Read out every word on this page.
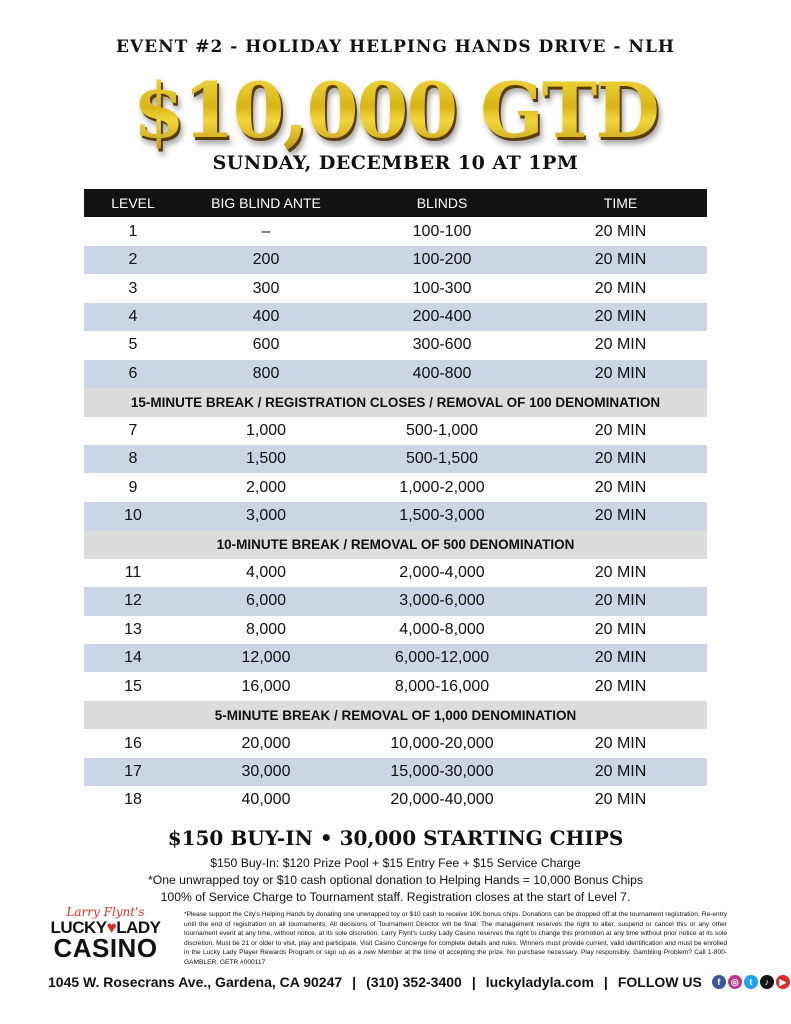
EVENT #2 - HOLIDAY HELPING HANDS DRIVE - NLH
$10,000 GTD
SUNDAY, DECEMBER 10 AT 1PM
LEVEL	BIG BLIND ANTE	BLINDS	TIME
1	–	100-100	20 MIN
2	200	100-200	20 MIN
3	300	100-300	20 MIN
4	400	200-400	20 MIN
5	600	300-600	20 MIN
6	800	400-800	20 MIN
15-MINUTE BREAK / REGISTRATION CLOSES / REMOVAL OF 100 DENOMINATION
7	1,000	500-1,000	20 MIN
8	1,500	500-1,500	20 MIN
9	2,000	1,000-2,000	20 MIN
10	3,000	1,500-3,000	20 MIN
10-MINUTE BREAK / REMOVAL OF 500 DENOMINATION
11	4,000	2,000-4,000	20 MIN
12	6,000	3,000-6,000	20 MIN
13	8,000	4,000-8,000	20 MIN
14	12,000	6,000-12,000	20 MIN
15	16,000	8,000-16,000	20 MIN
5-MINUTE BREAK / REMOVAL OF 1,000 DENOMINATION
16	20,000	10,000-20,000	20 MIN
17	30,000	15,000-30,000	20 MIN
18	40,000	20,000-40,000	20 MIN
$150 BUY-IN • 30,000 STARTING CHIPS
$150 Buy-In: $120 Prize Pool + $15 Entry Fee + $15 Service Charge
*One unwrapped toy or $10 cash optional donation to Helping Hands = 10,000 Bonus Chips
100% of Service Charge to Tournament staff. Registration closes at the start of Level 7.
Larry Flynt's
LUCKY♥LADY
CASINO
*Please support the City's Helping Hands by donating one unwrapped toy or $10 cash to receive 10K bonus chips. Donations can be dropped off at the tournament registration. Re-entry until the end of registration on all tournaments. All decisions of Tournament Director will be final. The management reserves the right to alter, suspend or cancel this or any other tournament event at any time, without notice, at its sole discretion. Larry Flynt's Lucky Lady Casino reserves the right to change this promotion at any time without prior notice at its sole discretion. Must be 21 or older to visit, play and participate. Visit Casino Concierge for complete details and rules. Winners must provide current, valid identification and must be enrolled in the Lucky Lady Player Rewards Program or sign up as a new Member at the time of accepting the prize. No purchase necessary. Play responsibly. Gambling Problem? Call 1-800-GAMBLER. GETR #000117
1045 W. Rosecrans Ave., Gardena, CA 90247 | (310) 352-3400 | luckyladyla.com | FOLLOW US	f	◎	t	♪	▶
